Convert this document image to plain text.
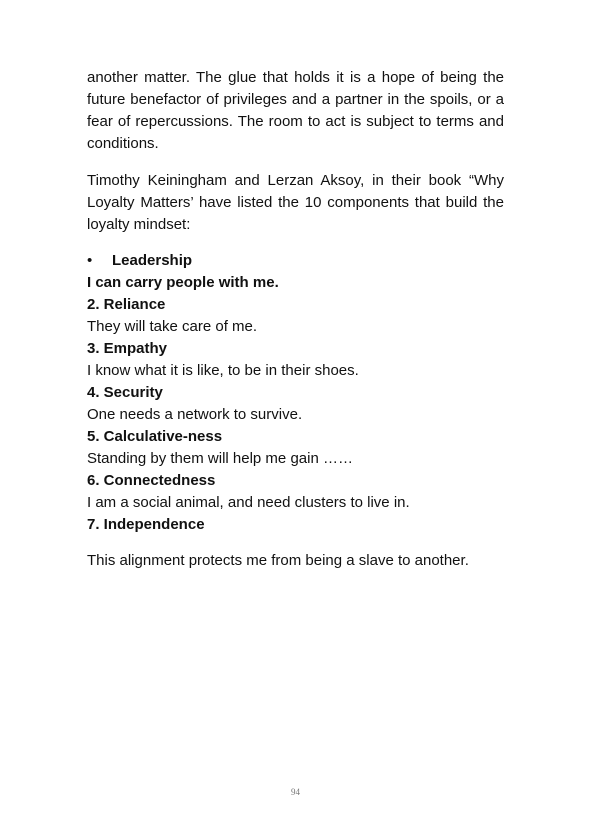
another matter. The glue that holds it is a hope of being the future benefactor of privileges and a partner in the spoils, or a fear of repercussions. The room to act is subject to terms and conditions.

Timothy Keiningham and Lerzan Aksoy, in their book “Why Loyalty Matters’ have listed the 10 components that build the loyalty mindset:

•	Leadership

I can carry people with me.

2. Reliance

They will take care of me.

3. Empathy

I know what it is like, to be in their shoes.

4. Security

One needs a network to survive.

5. Calculative-ness

Standing by them will help me gain ……

6. Connectedness

I am a social animal, and need clusters to live in.

7. Independence

This alignment protects me from being a slave to another.

94
